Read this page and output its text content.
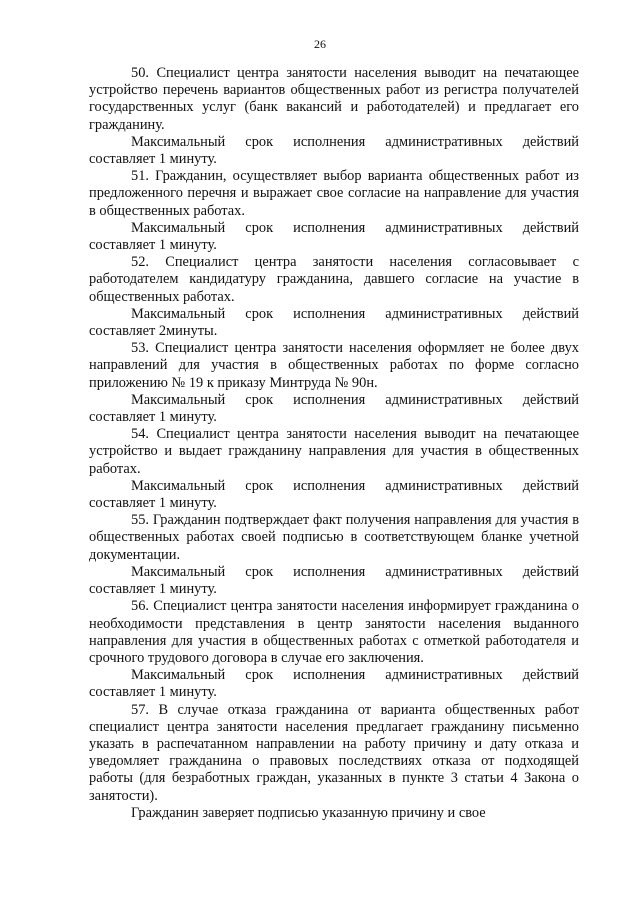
26

50. Специалист центра занятости населения выводит на печатающее устройство перечень вариантов общественных работ из регистра получателей государственных услуг (банк вакансий и работодателей) и предлагает его гражданину.

Максимальный срок исполнения административных действий составляет 1 минуту.

51. Гражданин, осуществляет выбор варианта общественных работ из предложенного перечня и выражает свое согласие на направление для участия в общественных работах.

Максимальный срок исполнения административных действий составляет 1 минуту.

52. Специалист центра занятости населения согласовывает с работодателем кандидатуру гражданина, давшего согласие на участие в общественных работах.

Максимальный срок исполнения административных действий составляет 2минуты.

53. Специалист центра занятости населения оформляет не более двух направлений для участия в общественных работах по форме согласно приложению № 19 к приказу Минтруда № 90н.

Максимальный срок исполнения административных действий составляет 1 минуту.

54. Специалист центра занятости населения выводит на печатающее устройство и выдает гражданину направления для участия в общественных работах.

Максимальный срок исполнения административных действий составляет 1 минуту.

55. Гражданин подтверждает факт получения направления для участия в общественных работах своей подписью в соответствующем бланке учетной документации.

Максимальный срок исполнения административных действий составляет 1 минуту.

56. Специалист центра занятости населения информирует гражданина о необходимости представления в центр занятости населения выданного направления для участия в общественных работах с отметкой работодателя и срочного трудового договора в случае его заключения.

Максимальный срок исполнения административных действий составляет 1 минуту.

57. В случае отказа гражданина от варианта общественных работ специалист центра занятости населения предлагает гражданину письменно указать в распечатанном направлении на работу причину и дату отказа и уведомляет гражданина о правовых последствиях отказа от подходящей работы (для безработных граждан, указанных в пункте 3 статьи 4 Закона о занятости).

Гражданин заверяет подписью указанную причину и свое
